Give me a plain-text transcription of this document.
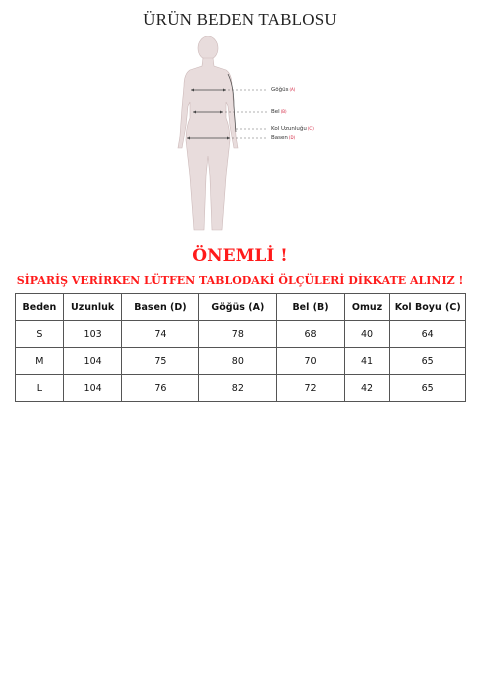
ÜRÜN BEDEN TABLOSU
Göğüs(A)
Bel(B)
Kol Uzunluğu(C)
Basen(D)
ÖNEMLİ !
SİPARİŞ VERİRKEN LÜTFEN TABLODAKİ ÖLÇÜLERİ DİKKATE ALINIZ !
Beden	Uzunluk	Basen (D)	Göğüs (A)	Bel (B)	Omuz	Kol Boyu (C)
S	103	74	78	68	40	64
M	104	75	80	70	41	65
L	104	76	82	72	42	65
